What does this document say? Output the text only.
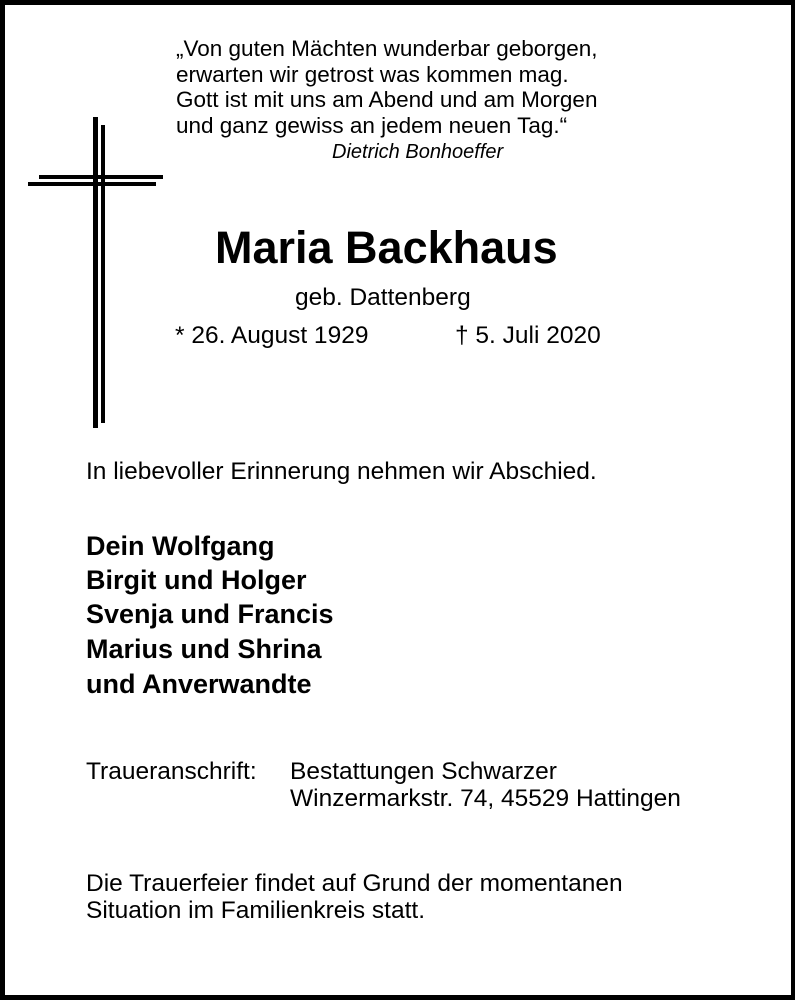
„Von guten Mächten wunderbar geborgen,
erwarten wir getrost was kommen mag.
Gott ist mit uns am Abend und am Morgen
und ganz gewiss an jedem neuen Tag.“
Dietrich Bonhoeffer
Maria Backhaus
geb. Dattenberg
* 26. August 1929	† 5. Juli 2020
In liebevoller Erinnerung nehmen wir Abschied.
Dein Wolfgang
Birgit und Holger
Svenja und Francis
Marius und Shrina
und Anverwandte
Traueranschrift: Bestattungen Schwarzer
Winzermarkstr. 74, 45529 Hattingen
Die Trauerfeier findet auf Grund der momentanen
Situation im Familienkreis statt.
